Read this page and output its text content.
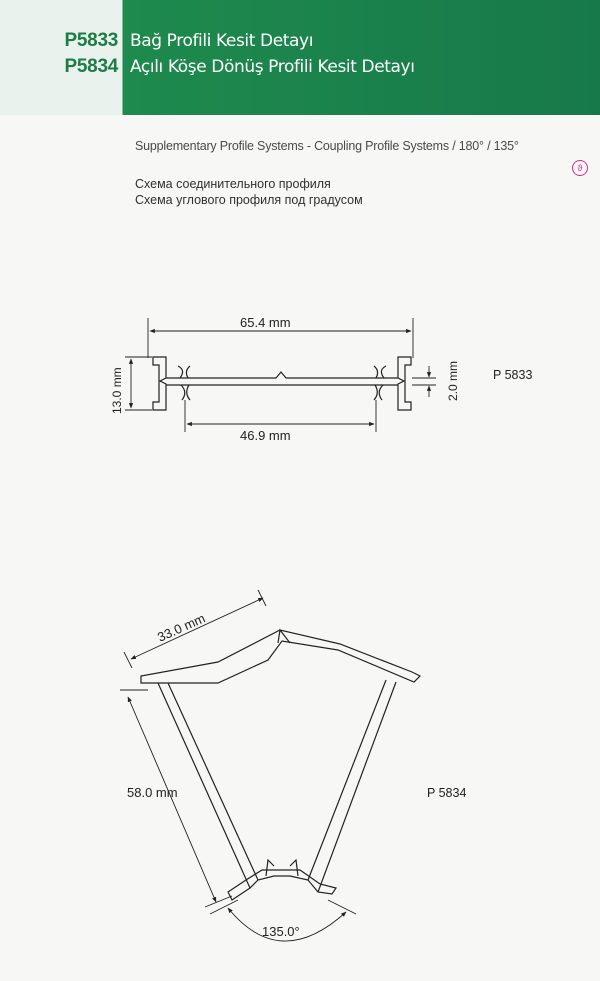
P5833
P5834
Bağ Profili Kesit Detayı
Açılı Köşe Dönüş Profili Kesit Detayı
Supplementary Profile Systems - Coupling Profile Systems / 180° / 135°
Схема соединительного профиля
Схема углового профиля под градусом
ϑ
65.4 mm
13.0 mm
46.9 mm
2.0 mm	P 5833
33.0 mm
58.0 mm
135.0°
P 5834
